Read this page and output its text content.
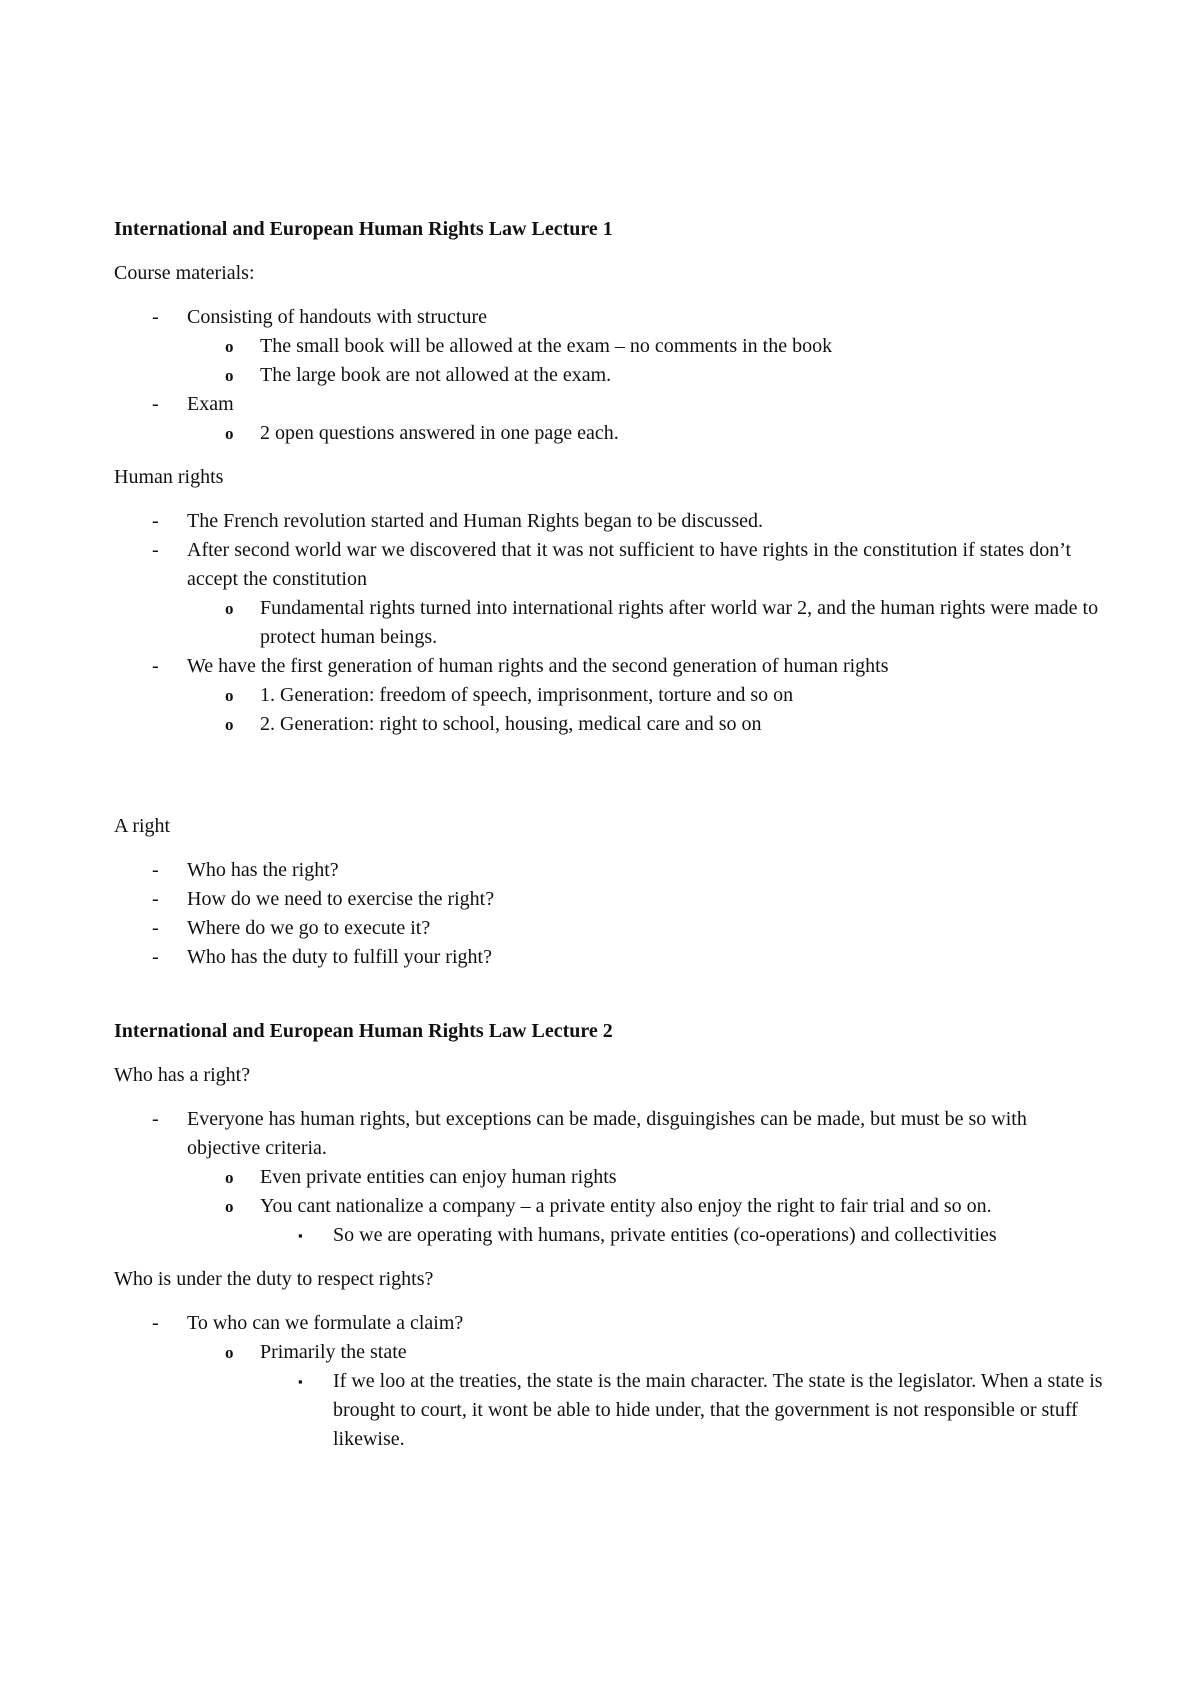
International and European Human Rights Law Lecture 1
Course materials:
-	Consisting of handouts with structure
o The small book will be allowed at the exam – no comments in the book
o The large book are not allowed at the exam.
-	Exam
o 2 open questions answered in one page each.
Human rights
-	The French revolution started and Human Rights began to be discussed.
-	After second world war we discovered that it was not sufficient to have rights in the constitution if states don’t accept the constitution
o Fundamental rights turned into international rights after world war 2, and the human rights were made to protect human beings.
-	We have the first generation of human rights and the second generation of human rights
o 1. Generation: freedom of speech, imprisonment, torture and so on
o 2. Generation: right to school, housing, medical care and so on
A right
-	Who has the right?
-	How do we need to exercise the right?
-	Where do we go to execute it?
-	Who has the duty to fulfill your right?
International and European Human Rights Law Lecture 2
Who has a right?
-	Everyone has human rights, but exceptions can be made, disguingishes can be made, but must be so with objective criteria.
o Even private entities can enjoy human rights
o You cant nationalize a company – a private entity also enjoy the right to fair trial and so on.
▪ So we are operating with humans, private entities (co-operations) and collectivities
Who is under the duty to respect rights?
-	To who can we formulate a claim?
o Primarily the state
▪ If we loo at the treaties, the state is the main character. The state is the legislator. When a state is brought to court, it wont be able to hide under, that the government is not responsible or stuff likewise.
